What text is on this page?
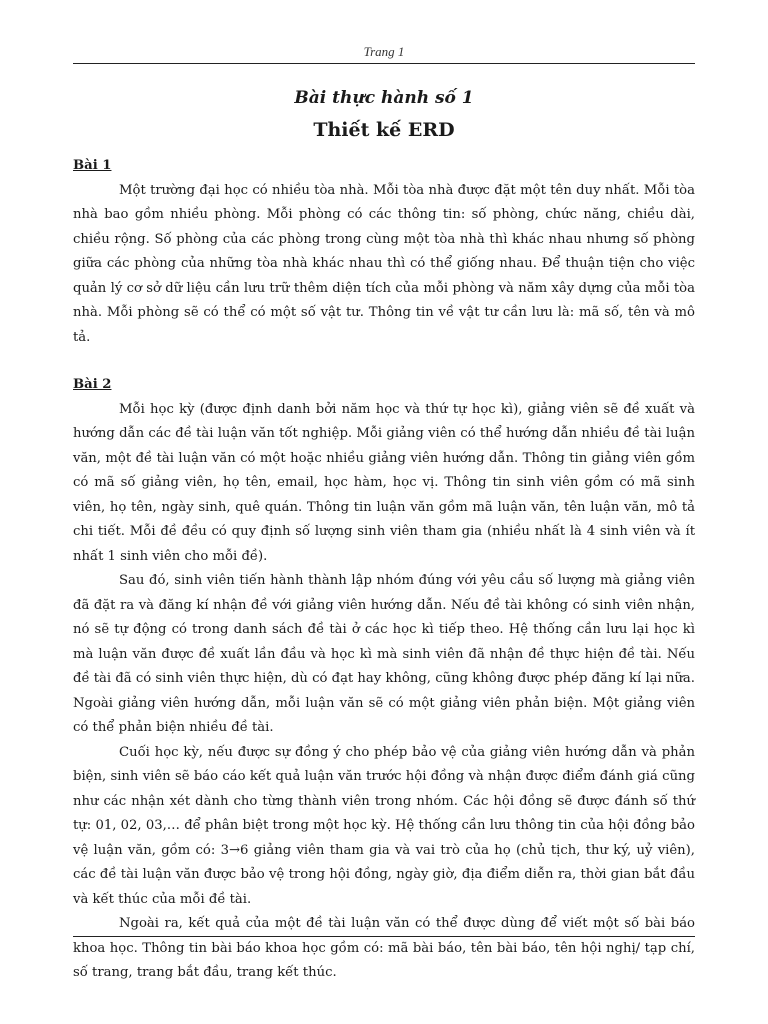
Trang 1
Bài thực hành số 1
Thiết kế ERD

Bài 1

Một trường đại học có nhiều tòa nhà. Mỗi tòa nhà được đặt một tên duy nhất. Mỗi tòa nhà bao gồm nhiều phòng. Mỗi phòng có các thông tin: số phòng, chức năng, chiều dài, chiều rộng. Số phòng của các phòng trong cùng một tòa nhà thì khác nhau nhưng số phòng giữa các phòng của những tòa nhà khác nhau thì có thể giống nhau. Để thuận tiện cho việc quản lý cơ sở dữ liệu cần lưu trữ thêm diện tích của mỗi phòng và năm xây dựng của mỗi tòa nhà. Mỗi phòng sẽ có thể có một số vật tư. Thông tin về vật tư cần lưu là: mã số, tên và mô tả.

Bài 2

Mỗi học kỳ (được định danh bởi năm học và thứ tự học kì), giảng viên sẽ đề xuất và hướng dẫn các đề tài luận văn tốt nghiệp. Mỗi giảng viên có thể hướng dẫn nhiều đề tài luận văn, một đề tài luận văn có một hoặc nhiều giảng viên hướng dẫn. Thông tin giảng viên gồm có mã số giảng viên, họ tên, email, học hàm, học vị. Thông tin sinh viên gồm có mã sinh viên, họ tên, ngày sinh, quê quán. Thông tin luận văn gồm mã luận văn, tên luận văn, mô tả chi tiết. Mỗi đề đều có quy định số lượng sinh viên tham gia (nhiều nhất là 4 sinh viên và ít nhất 1 sinh viên cho mỗi đề).

Sau đó, sinh viên tiến hành thành lập nhóm đúng với yêu cầu số lượng mà giảng viên đã đặt ra và đăng kí nhận đề với giảng viên hướng dẫn. Nếu đề tài không có sinh viên nhận, nó sẽ tự động có trong danh sách đề tài ở các học kì tiếp theo. Hệ thống cần lưu lại học kì mà luận văn được đề xuất lần đầu và học kì mà sinh viên đã nhận đề thực hiện đề tài. Nếu đề tài đã có sinh viên thực hiện, dù có đạt hay không, cũng không được phép đăng kí lại nữa. Ngoài giảng viên hướng dẫn, mỗi luận văn sẽ có một giảng viên phản biện. Một giảng viên có thể phản biện nhiều đề tài.

Cuối học kỳ, nếu được sự đồng ý cho phép bảo vệ của giảng viên hướng dẫn và phản biện, sinh viên sẽ báo cáo kết quả luận văn trước hội đồng và nhận được điểm đánh giá cũng như các nhận xét dành cho từng thành viên trong nhóm. Các hội đồng sẽ được đánh số thứ tự: 01, 02, 03,… để phân biệt trong một học kỳ. Hệ thống cần lưu thông tin của hội đồng bảo vệ luận văn, gồm có: 3→6 giảng viên tham gia và vai trò của họ (chủ tịch, thư ký, uỷ viên), các đề tài luận văn được bảo vệ trong hội đồng, ngày giờ, địa điểm diễn ra, thời gian bắt đầu và kết thúc của mỗi đề tài.

Ngoài ra, kết quả của một đề tài luận văn có thể được dùng để viết một số bài báo khoa học. Thông tin bài báo khoa học gồm có: mã bài báo, tên bài báo, tên hội nghị/ tạp chí, số trang, trang bắt đầu, trang kết thúc.
